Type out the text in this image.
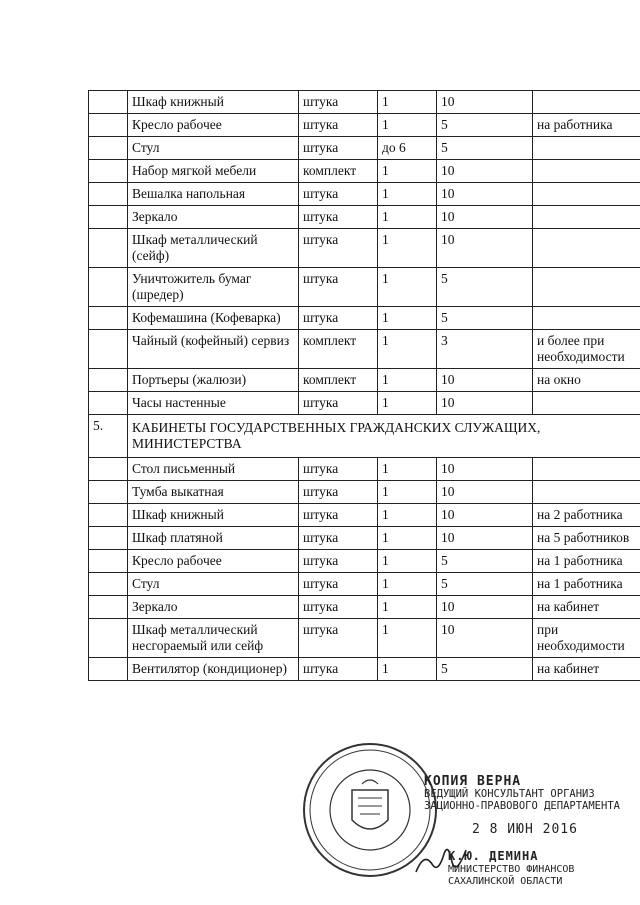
	Шкаф книжный	штука	1	10	
	Кресло рабочее	штука	1	5	на работника
	Стул	штука	до 6	5	
	Набор мягкой мебели	комплект	1	10	
	Вешалка напольная	штука	1	10	
	Зеркало	штука	1	10	
	Шкаф металлический (сейф)	штука	1	10	
	Уничтожитель бумаг (шредер)	штука	1	5	
	Кофемашина (Кофеварка)	штука	1	5	
	Чайный (кофейный) сервиз	комплект	1	3	и более при необходимости
	Портьеры (жалюзи)	комплект	1	10	на окно
	Часы настенные	штука	1	10	
5.	КАБИНЕТЫ ГОСУДАРСТВЕННЫХ ГРАЖДАНСКИХ СЛУЖАЩИХ, МИНИСТЕРСТВА				
	Стол письменный	штука	1	10	
	Тумба выкатная	штука	1	10	
	Шкаф книжный	штука	1	10	на 2 работника
	Шкаф платяной	штука	1	10	на 5 работников
	Кресло рабочее	штука	1	5	на 1 работника
	Стул	штука	1	5	на 1 работника
	Зеркало	штука	1	10	на кабинет
	Шкаф металлический несгораемый или сейф	штука	1	10	при необходимости
	Вентилятор (кондиционер)	штука	1	5	на кабинет
КОПИЯ ВЕРНА
ВЕДУЩИЙ КОНСУЛЬТАНТ ОРГАНИЗ
ЗАЦИОННО-ПРАВОВОГО ДЕПАРТАМЕНТА
2 8 ИЮН 2016
К.Ю. ДЕМИНА
МИНИСТЕРСТВО ФИНАНСОВ
САХАЛИНСКОЙ ОБЛАСТИ
